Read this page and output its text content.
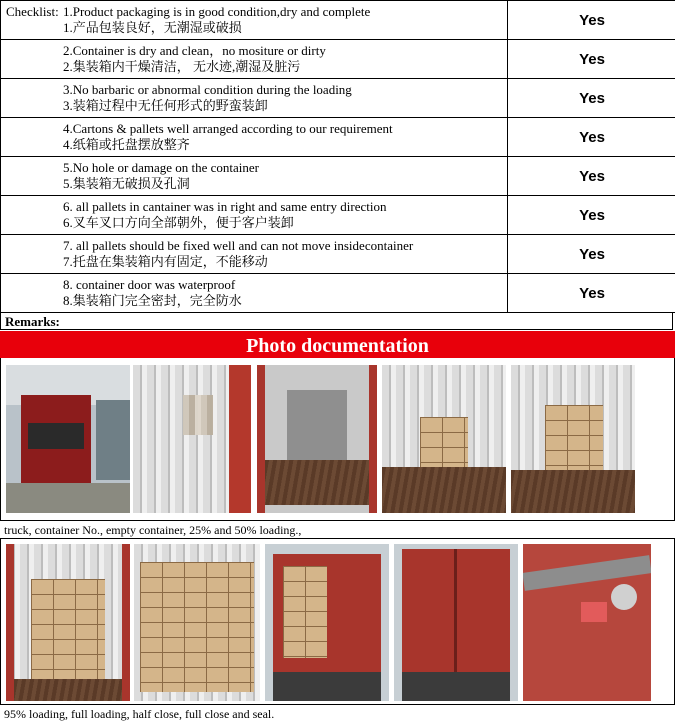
Checklist: 1.Product packaging is in good condition,dry and complete
1.产品包装良好，无潮湿或破损	Yes

2.Container is dry and clean，no mositure or dirty
2.集装箱内干燥清洁， 无水迹,潮湿及脏污	Yes

3.No barbaric or abnormal condition during the loading
3.装箱过程中无任何形式的野蛮装卸	Yes

4.Cartons & pallets well arranged according to our requirement
4.纸箱或托盘摆放整齐	Yes

5.No hole or damage on the container
5.集装箱无破损及孔洞	Yes

6. all pallets in cantainer was in right and same entry direction
6.叉车叉口方向全部朝外，便于客户装卸	Yes

7. all pallets should be fixed well and can not move insidecontainer
7.托盘在集装箱内有固定，不能移动	Yes

8. container door was waterproof
8.集装箱门完全密封，完全防水	Yes
Remarks:
Photo documentation
truck, container No., empty container, 25% and 50% loading.,
95% loading, full loading, half close, full close and seal.
